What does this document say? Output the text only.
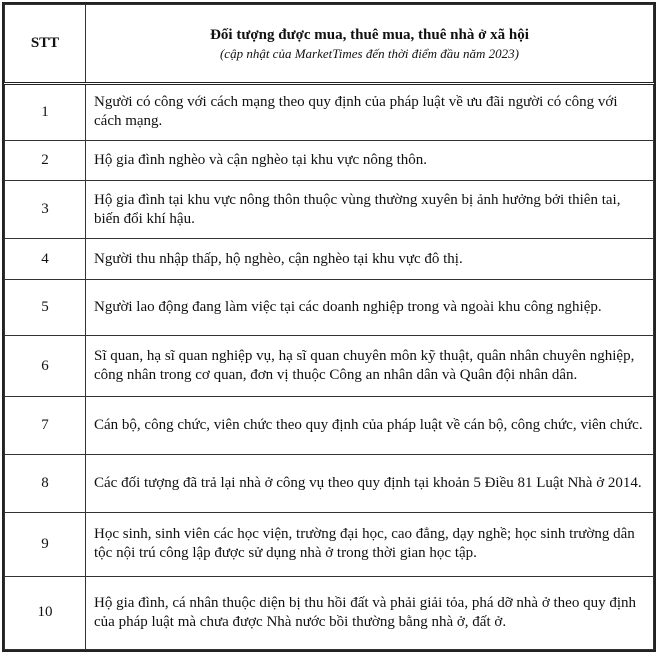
STT	Đối tượng được mua, thuê mua, thuê nhà ở xã hội
(cập nhật của MarketTimes đến thời điểm đầu năm 2023)

1	Người có công với cách mạng theo quy định của pháp luật về ưu đãi người có công với cách mạng.
2	Hộ gia đình nghèo và cận nghèo tại khu vực nông thôn.
3	Hộ gia đình tại khu vực nông thôn thuộc vùng thường xuyên bị ảnh hưởng bởi thiên tai, biến đổi khí hậu.
4	Người thu nhập thấp, hộ nghèo, cận nghèo tại khu vực đô thị.
5	Người lao động đang làm việc tại các doanh nghiệp trong và ngoài khu công nghiệp.
6	Sĩ quan, hạ sĩ quan nghiệp vụ, hạ sĩ quan chuyên môn kỹ thuật, quân nhân chuyên nghiệp, công nhân trong cơ quan, đơn vị thuộc Công an nhân dân và Quân đội nhân dân.
7	Cán bộ, công chức, viên chức theo quy định của pháp luật về cán bộ, công chức, viên chức.
8	Các đối tượng đã trả lại nhà ở công vụ theo quy định tại khoản 5 Điều 81 Luật Nhà ở 2014.
9	Học sinh, sinh viên các học viện, trường đại học, cao đẳng, dạy nghề; học sinh trường dân tộc nội trú công lập được sử dụng nhà ở trong thời gian học tập.
10	Hộ gia đình, cá nhân thuộc diện bị thu hồi đất và phải giải tỏa, phá dỡ nhà ở theo quy định của pháp luật mà chưa được Nhà nước bồi thường bằng nhà ở, đất ở.
